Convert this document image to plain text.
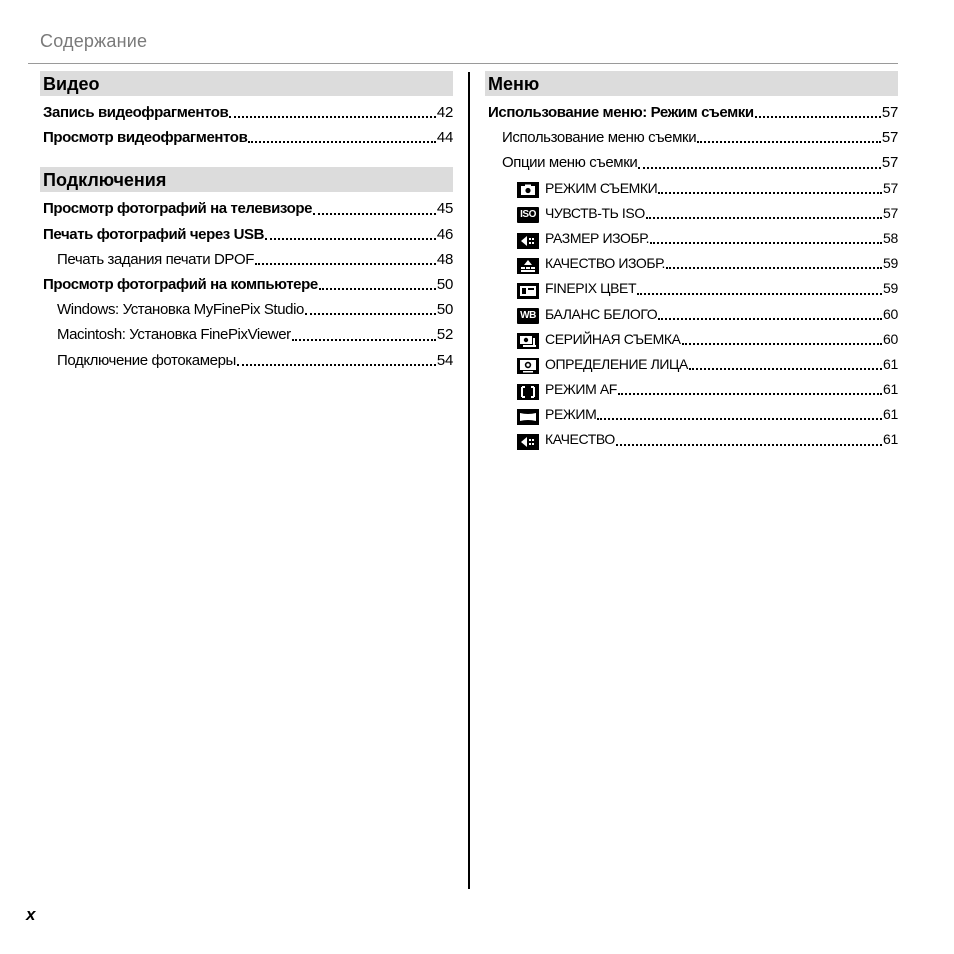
Содержание
Видео
Запись видеофрагментов	42
Просмотр видеофрагментов	44
Подключения
Просмотр фотографий на телевизоре	45
Печать фотографий через USB	46
Печать задания печати DPOF	48
Просмотр фотографий на компьютере	50
Windows: Установка MyFinePix Studio	50
Macintosh: Установка FinePixViewer	52
Подключение фотокамеры	54
Меню
Использование меню: Режим съемки	57
Использование меню съемки	57
Опции меню съемки	57
РЕЖИМ СЪЕМКИ	57
ISO ЧУВСТВ-ТЬ ISO	57
РАЗМЕР ИЗОБР.	58
КАЧЕСТВО ИЗОБР.	59
FINEPIX ЦВЕТ	59
WB БАЛАНС БЕЛОГО	60
СЕРИЙНАЯ СЪЕМКА	60
ОПРЕДЕЛЕНИЕ ЛИЦА	61
РЕЖИМ AF	61
РЕЖИМ	61
КАЧЕСТВО	61
x
